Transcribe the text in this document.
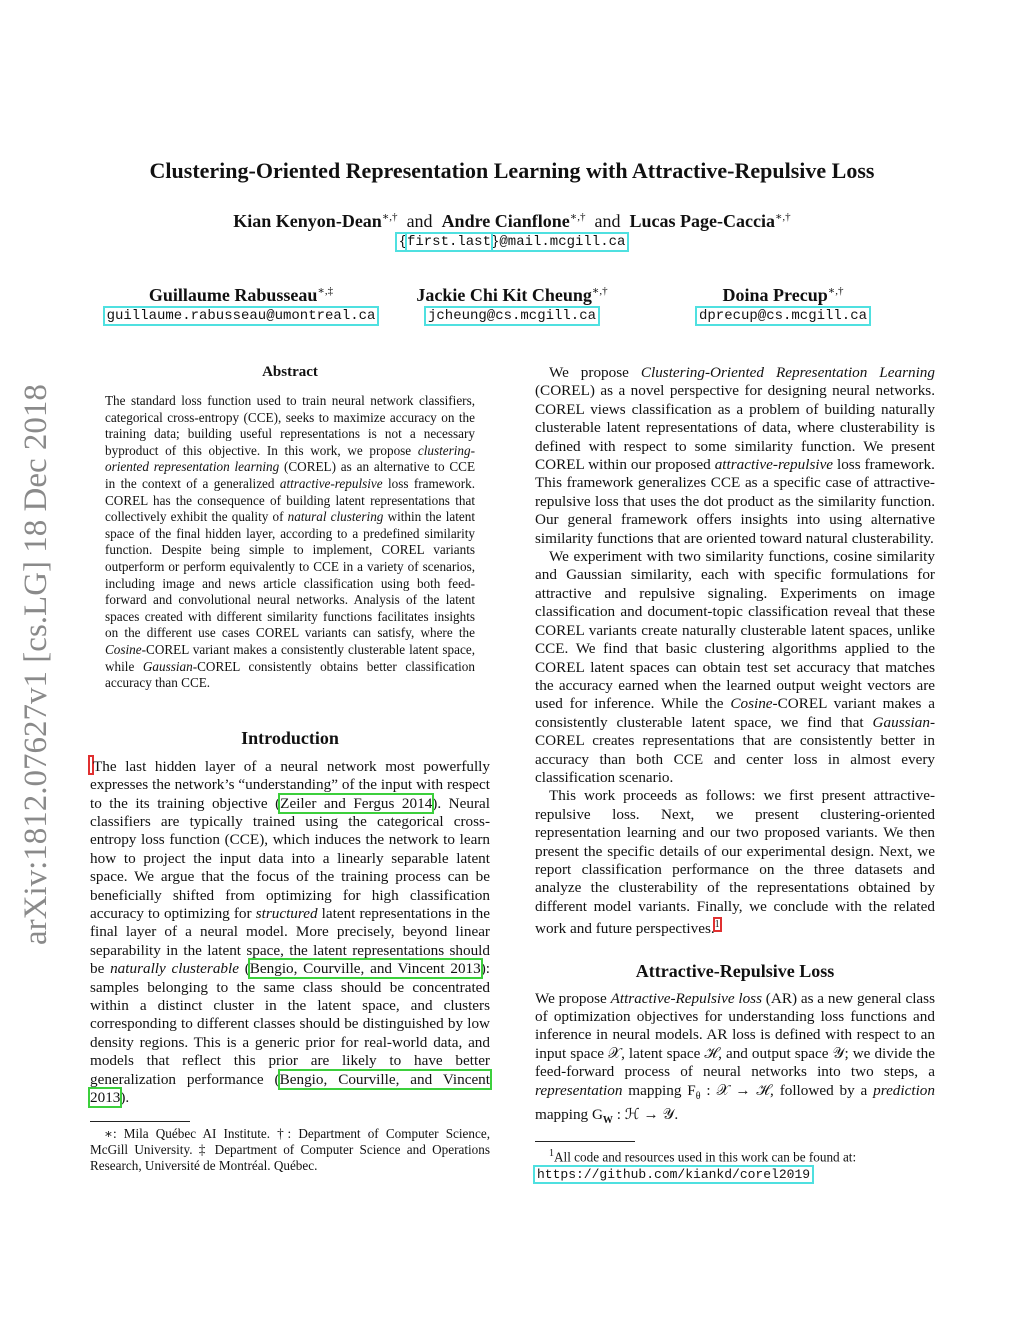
arXiv:1812.07627v1 [cs.LG] 18 Dec 2018
Clustering-Oriented Representation Learning with Attractive-Repulsive Loss
Kian Kenyon-Dean∗,† and Andre Cianflone∗,† and Lucas Page-Caccia∗,†
{first.last}@mail.mcgill.ca
Guillaume Rabusseau∗,‡
guillaume.rabusseau@umontreal.ca
Jackie Chi Kit Cheung∗,†
jcheung@cs.mcgill.ca
Doina Precup∗,†
dprecup@cs.mcgill.ca
Abstract

The standard loss function used to train neural network classifiers, categorical cross-entropy (CCE), seeks to maximize accuracy on the training data; building useful representations is not a necessary byproduct of this objective. In this work, we propose clustering-oriented representation learning (COREL) as an alternative to CCE in the context of a generalized attractive-repulsive loss framework. COREL has the consequence of building latent representations that collectively exhibit the quality of natural clustering within the latent space of the final hidden layer, according to a predefined similarity function. Despite being simple to implement, COREL variants outperform or perform equivalently to CCE in a variety of scenarios, including image and news article classification using both feed-forward and convolutional neural networks. Analysis of the latent spaces created with different similarity functions facilitates insights on the different use cases COREL variants can satisfy, where the Cosine-COREL variant makes a consistently clusterable latent space, while Gaussian-COREL consistently obtains better classification accuracy than CCE.

Introduction

The last hidden layer of a neural network most powerfully expresses the network’s “understanding” of the input with respect to the its training objective (Zeiler and Fergus 2014). Neural classifiers are typically trained using the categorical cross-entropy loss function (CCE), which induces the network to learn how to project the input data into a linearly separable latent space. We argue that the focus of the training process can be beneficially shifted from optimizing for high classification accuracy to optimizing for structured latent representations in the final layer of a neural model. More precisely, beyond linear separability in the latent space, the latent representations should be naturally clusterable (Bengio, Courville, and Vincent 2013): samples belonging to the same class should be concentrated within a distinct cluster in the latent space, and clusters corresponding to different classes should be distinguished by low density regions. This is a generic prior for real-world data, and models that reflect this prior are likely to have better generalization performance (Bengio, Courville, and Vincent 2013).

∗: Mila Québec AI Institute. †: Department of Computer Science, McGill University. ‡ Department of Computer Science and Operations Research, Université de Montréal. Québec.

We propose Clustering-Oriented Representation Learning (COREL) as a novel perspective for designing neural networks. COREL views classification as a problem of building naturally clusterable latent representations of data, where clusterability is defined with respect to some similarity function. We present COREL within our proposed attractive-repulsive loss framework. This framework generalizes CCE as a specific case of attractive-repulsive loss that uses the dot product as the similarity function. Our general framework offers insights into using alternative similarity functions that are oriented toward natural clusterability.

We experiment with two similarity functions, cosine similarity and Gaussian similarity, each with specific formulations for attractive and repulsive signaling. Experiments on image classification and document-topic classification reveal that these COREL variants create naturally clusterable latent spaces, unlike CCE. We find that basic clustering algorithms applied to the COREL latent spaces can obtain test set accuracy that matches the accuracy earned when the learned output weight vectors are used for inference. While the Cosine-COREL variant makes a consistently clusterable latent space, we find that Gaussian-COREL creates representations that are consistently better in accuracy than both CCE and center loss in almost every classification scenario.

This work proceeds as follows: we first present attractive-repulsive loss. Next, we present clustering-oriented representation learning and our two proposed variants. We then present the specific details of our experimental design. Next, we report classification performance on the three datasets and analyze the clusterability of the representations obtained by different model variants. Finally, we conclude with the related work and future perspectives.$^1$

Attractive-Repulsive Loss

We propose Attractive-Repulsive loss (AR) as a new general class of optimization objectives for understanding loss functions and inference in neural models. AR loss is defined with respect to an input space 𝒳, latent space ℋ, and output space 𝒴; we divide the feed-forward process of neural networks into two steps, a representation mapping $F_\theta$ : 𝒳 → ℋ, followed by a prediction mapping $G_W$ : ℋ → 𝒴.

$^1$All code and resources used in this work can be found at:

https://github.com/kiankd/corel2019
